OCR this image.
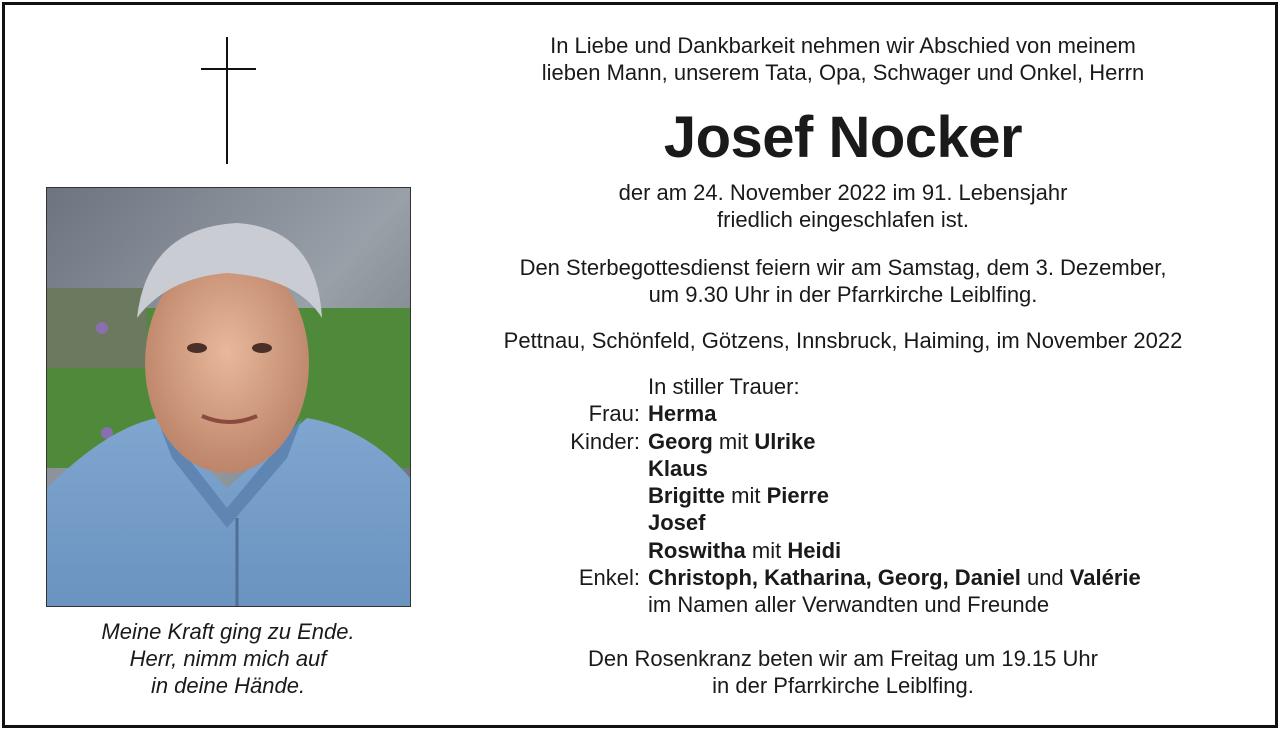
Meine Kraft ging zu Ende.
Herr, nimm mich auf
in deine Hände.
In Liebe und Dankbarkeit nehmen wir Abschied von meinem
lieben Mann, unserem Tata, Opa, Schwager und Onkel, Herrn
Josef Nocker
der am 24. November 2022 im 91. Lebensjahr
friedlich eingeschlafen ist.
Den Sterbegottesdienst feiern wir am Samstag, dem 3. Dezember,
um 9.30 Uhr in der Pfarrkirche Leiblfing.
Pettnau, Schönfeld, Götzens, Innsbruck, Haiming, im November 2022
In stiller Trauer:
Frau: Herma
Kinder: Georg mit Ulrike
Klaus
Brigitte mit Pierre
Josef
Roswitha mit Heidi
Enkel: Christoph, Katharina, Georg, Daniel und Valérie
im Namen aller Verwandten und Freunde
Den Rosenkranz beten wir am Freitag um 19.15 Uhr
in der Pfarrkirche Leiblfing.
